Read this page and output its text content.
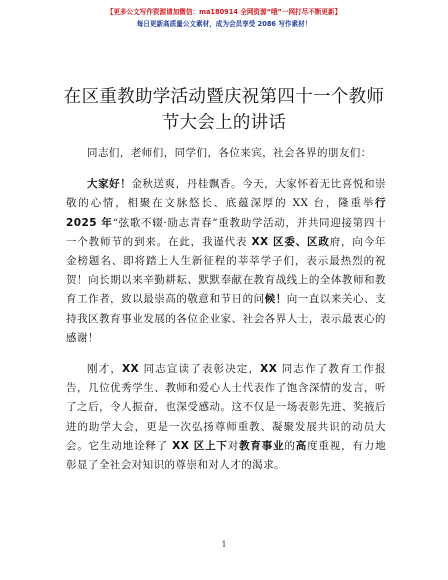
【更多公文写作资源请加微信：ma180914 全网资源“哦”一网打尽不断更新】
每日更新高质量公文素材，成为会员享受 2086 写作素材！
在区重教助学活动暨庆祝第四十一个教师节大会上的讲话

同志们，老师们，同学们，各位来宾，社会各界的朋友们：

大家好！金秋送爽，丹桂飘香。今天，大家怀着无比喜悦和崇敬的心情，相聚在文脉悠长、底蕴深厚的 XX 台，隆重举行 2025 年“弦歌不辍·励志青春”重教助学活动，并共同迎接第四十一个教师节的到来。在此，我谨代表 XX 区委、区政府，向今年金榜题名、即将踏上人生新征程的莘莘学子们，表示最热烈的祝贺！向长期以来辛勤耕耘、默默奉献在教育战线上的全体教师和教育工作者，致以最崇高的敬意和节日的问候！向一直以来关心、支持我区教育事业发展的各位企业家、社会各界人士，表示最衷心的感谢！

刚才，XX 同志宣读了表彰决定，XX 同志作了教育工作报告，几位优秀学生、教师和爱心人士代表作了饱含深情的发言，听了之后，令人振奋，也深受感动。这不仅是一场表彰先进、奖掖后进的助学大会，更是一次弘扬尊师重教、凝聚发展共识的动员大会。它生动地诠释了 XX 区上下对教育事业的高度重视，有力地彰显了全社会对知识的尊崇和对人才的渴求。

1
